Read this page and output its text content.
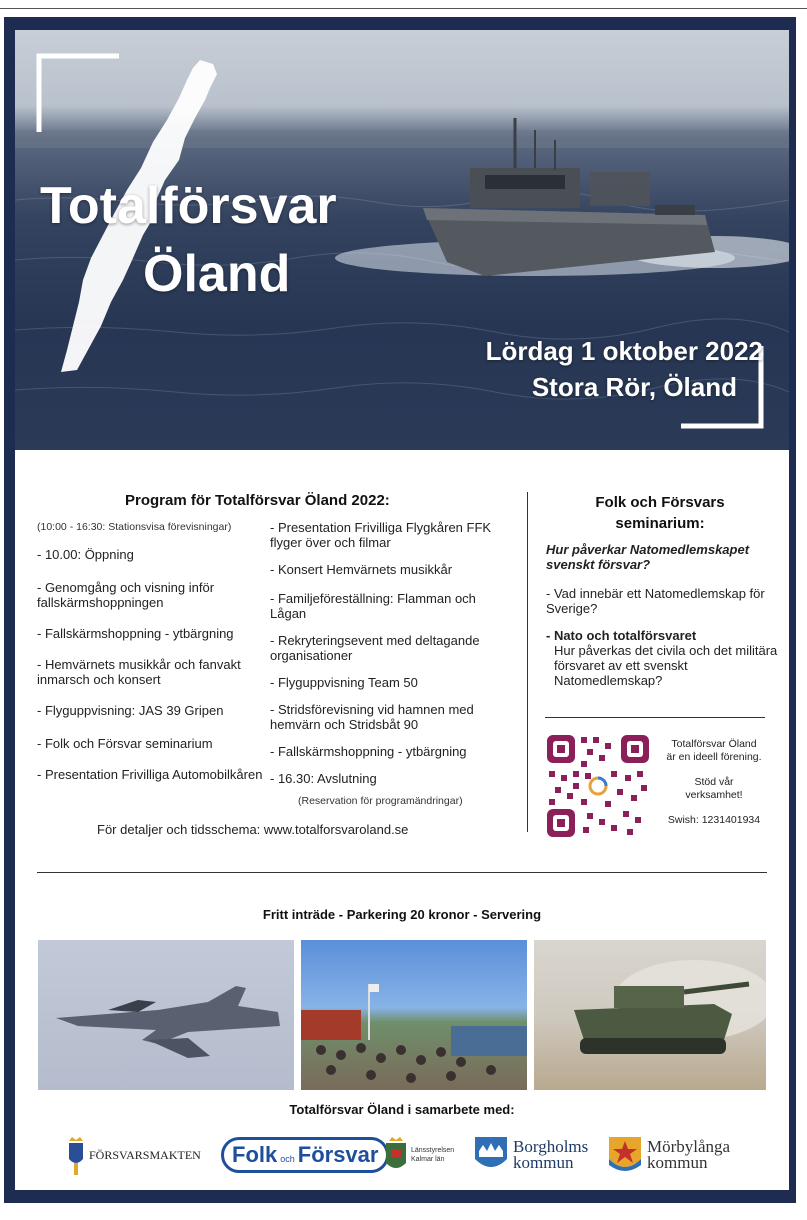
Totalförsvar
Öland
Lördag 1 oktober 2022
Stora Rör, Öland
Program för Totalförsvar Öland 2022:
(10:00 - 16:30: Stationsvisa förevisningar)
- 10.00: Öppning
- Genomgång och visning inför fallskärmshoppningen
- Fallskärmshoppning - ytbärgning
- Hemvärnets musikkår och fanvakt inmarsch och konsert
- Flyguppvisning: JAS 39 Gripen
- Folk och Försvar seminarium
- Presentation Frivilliga Automobilkåren
- Presentation Frivilliga Flygkåren FFK flyger över och filmar
- Konsert Hemvärnets musikkår
- Familjeföreställning: Flamman och Lågan
- Rekryteringsevent med deltagande organisationer
- Flyguppvisning Team 50
- Stridsförevisning vid hamnen med hemvärn och Stridsbåt 90
- Fallskärmshoppning - ytbärgning
- 16.30: Avslutning
(Reservation för programändringar)
För detaljer och tidsschema: www.totalforsvaroland.se
Folk och Försvars
seminarium:
Hur påverkar Natomedlemskapet svenskt försvar?
- Vad innebär ett Natomedlemskap för Sverige?
- Nato och totalförsvaret
Hur påverkas det civila och det militära försvaret av ett svenskt Natomedlemskap?
Totalförsvar Öland
är en ideell förening.
Stöd vår
verksamhet!
Swish: 1231401934
Fritt inträde - Parkering 20 kronor - Servering
Totalförsvar Öland i samarbete med:
FÖRSVARSMAKTEN Folk och Försvar	Länsstyrelsen
Kalmar län
Borgholms
kommun
Mörbylånga
kommun
